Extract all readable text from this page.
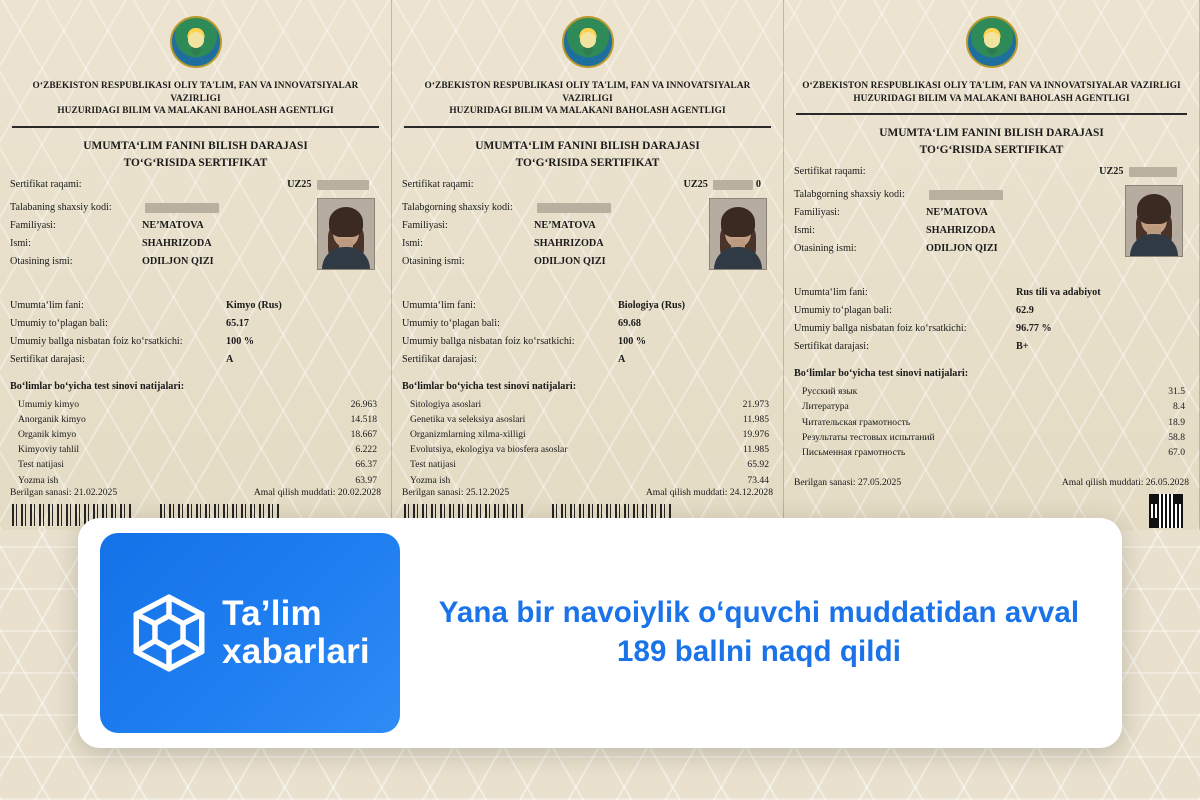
O‘ZBEKISTON RESPUBLIKASI OLIY TA'LIM, FAN VA INNOVATSIYALAR VAZIRLIGI
HUZURIDAGI BILIM VA MALAKANI BAHOLASH AGENTLIGI
UMUMTA‘LIM FANINI BILISH DARAJASI
TO‘G‘RISIDA SERTIFIKAT
Sertifikat raqami:	UZ25
Talabaning shaxsiy kodi:
Familiyasi:	NE’MATOVA
Ismi:	SHAHRIZODA
Otasining ismi:	ODILJON QIZI
Umumta‘lim fani:	Kimyo (Rus)
Umumiy to‘plagan bali:	65.17
Umumiy ballga nisbatan foiz ko‘rsatkichi:	100 %
Sertifikat darajasi:	A
Bo‘limlar bo‘yicha test sinovi natijalari:
Umumiy kimyo	26.963
Anorganik kimyo	14.518
Organik kimyo	18.667
Kimyoviy tahlil	6.222
Test natijasi	66.37
Yozma ish	63.97
Berilgan sanasi: 21.02.2025	Amal qilish muddati: 20.02.2028
O‘ZBEKISTON RESPUBLIKASI OLIY TA'LIM, FAN VA INNOVATSIYALAR VAZIRLIGI
HUZURIDAGI BILIM VA MALAKANI BAHOLASH AGENTLIGI
UMUMTA‘LIM FANINI BILISH DARAJASI
TO‘G‘RISIDA SERTIFIKAT
Sertifikat raqami:	UZ25	0
Talabgorning shaxsiy kodi:
Familiyasi:	NE’MATOVA
Ismi:	SHAHRIZODA
Otasining ismi:	ODILJON QIZI
Umumta‘lim fani:	Biologiya (Rus)
Umumiy to‘plagan bali:	69.68
Umumiy ballga nisbatan foiz ko‘rsatkichi:	100 %
Sertifikat darajasi:	A
Bo‘limlar bo‘yicha test sinovi natijalari:
Sitologiya asoslari	21.973
Genetika va seleksiya asoslari	11.985
Organizmlarning xilma-xilligi	19.976
Evolutsiya, ekologiya va biosfera asoslar	11.985
Test natijasi	65.92
Yozma ish	73.44
Berilgan sanasi: 25.12.2025	Amal qilish muddati: 24.12.2028
O‘ZBEKISTON RESPUBLIKASI OLIY TA'LIM, FAN VA INNOVATSIYALAR VAZIRLIGI
HUZURIDAGI BILIM VA MALAKANI BAHOLASH AGENTLIGI
UMUMTA‘LIM FANINI BILISH DARAJASI
TO‘G‘RISIDA SERTIFIKAT
Sertifikat raqami:	UZ25
Talabgorning shaxsiy kodi:
Familiyasi:	NE’MATOVA
Ismi:	SHAHRIZODA
Otasining ismi:	ODILJON QIZI
Umumta‘lim fani:	Rus tili va adabiyot
Umumiy to‘plagan bali:	62.9
Umumiy ballga nisbatan foiz ko‘rsatkichi:	96.77 %
Sertifikat darajasi:	B+
Bo‘limlar bo‘yicha test sinovi natijalari:
Русский язык	31.5
Литература	8.4
Читательская грамотность	18.9
Результаты тестовых испытаний	58.8
Письменная грамотность	67.0
Berilgan sanasi: 27.05.2025	Amal qilish muddati: 26.05.2028
Ta’lim
xabarlari
Yana bir navoiylik o‘quvchi muddatidan avval
189 ballni naqd qildi
